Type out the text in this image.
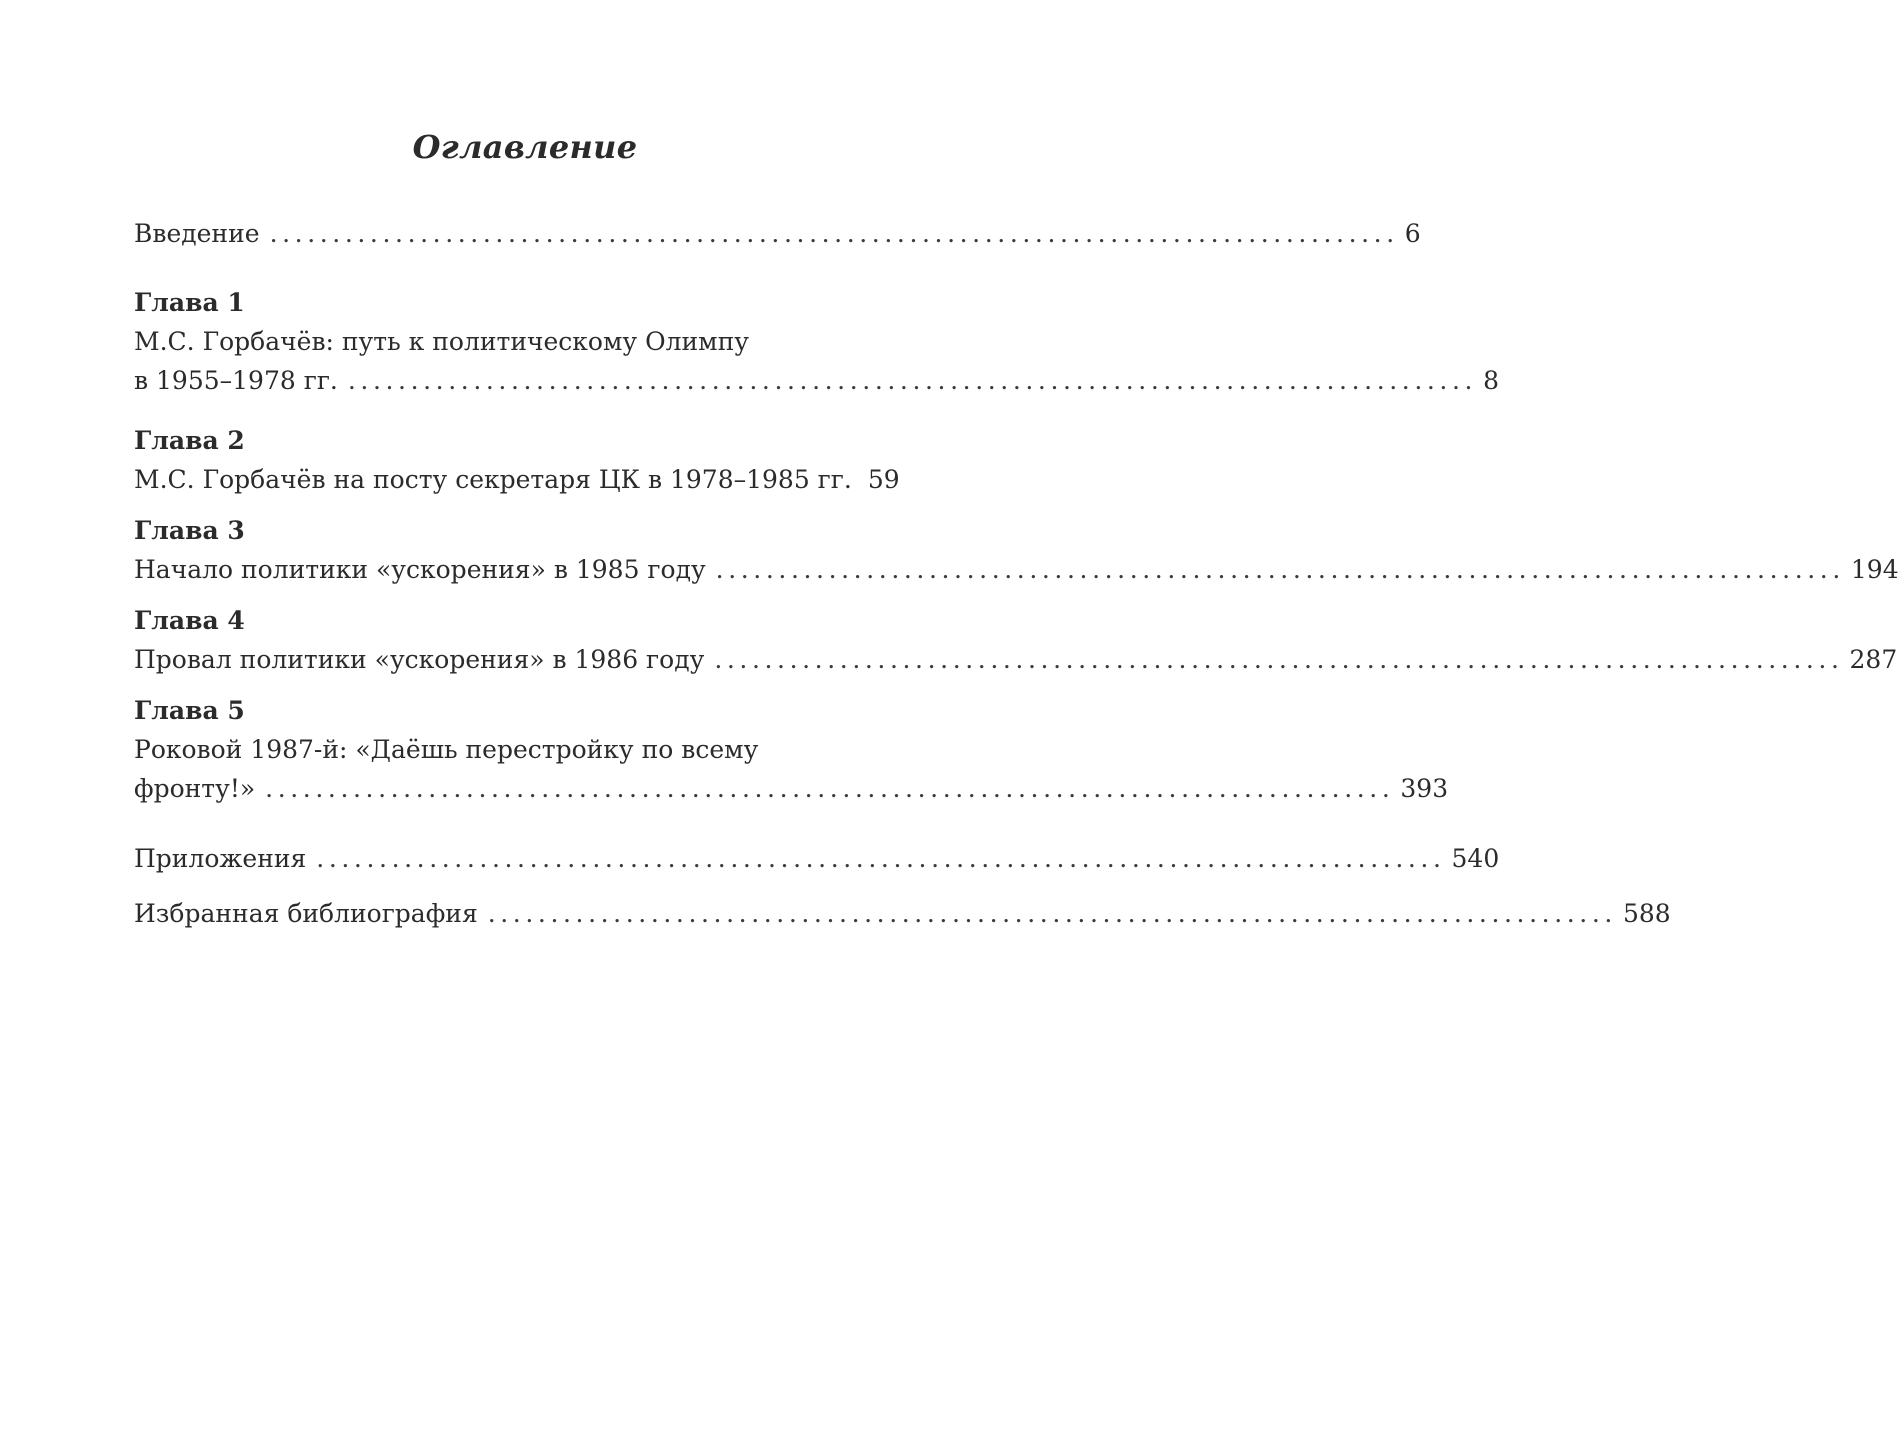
Оглавление
Введение .......................................................................................... 6
Глава 1
М.С. Горбачёв: путь к политическому Олимпу
в 1955–1978 гг. .......................................................................................... 8
Глава 2
М.С. Горбачёв на посту секретаря ЦК в 1978–1985 гг. 59
Глава 3
Начало политики «ускорения» в 1985 году .......................................................................................... 194
Глава 4
Провал политики «ускорения» в 1986 году .......................................................................................... 287
Глава 5
Роковой 1987-й: «Даёшь перестройку по всему
фронту!» .......................................................................................... 393
Приложения .......................................................................................... 540
Избранная библиография .......................................................................................... 588
